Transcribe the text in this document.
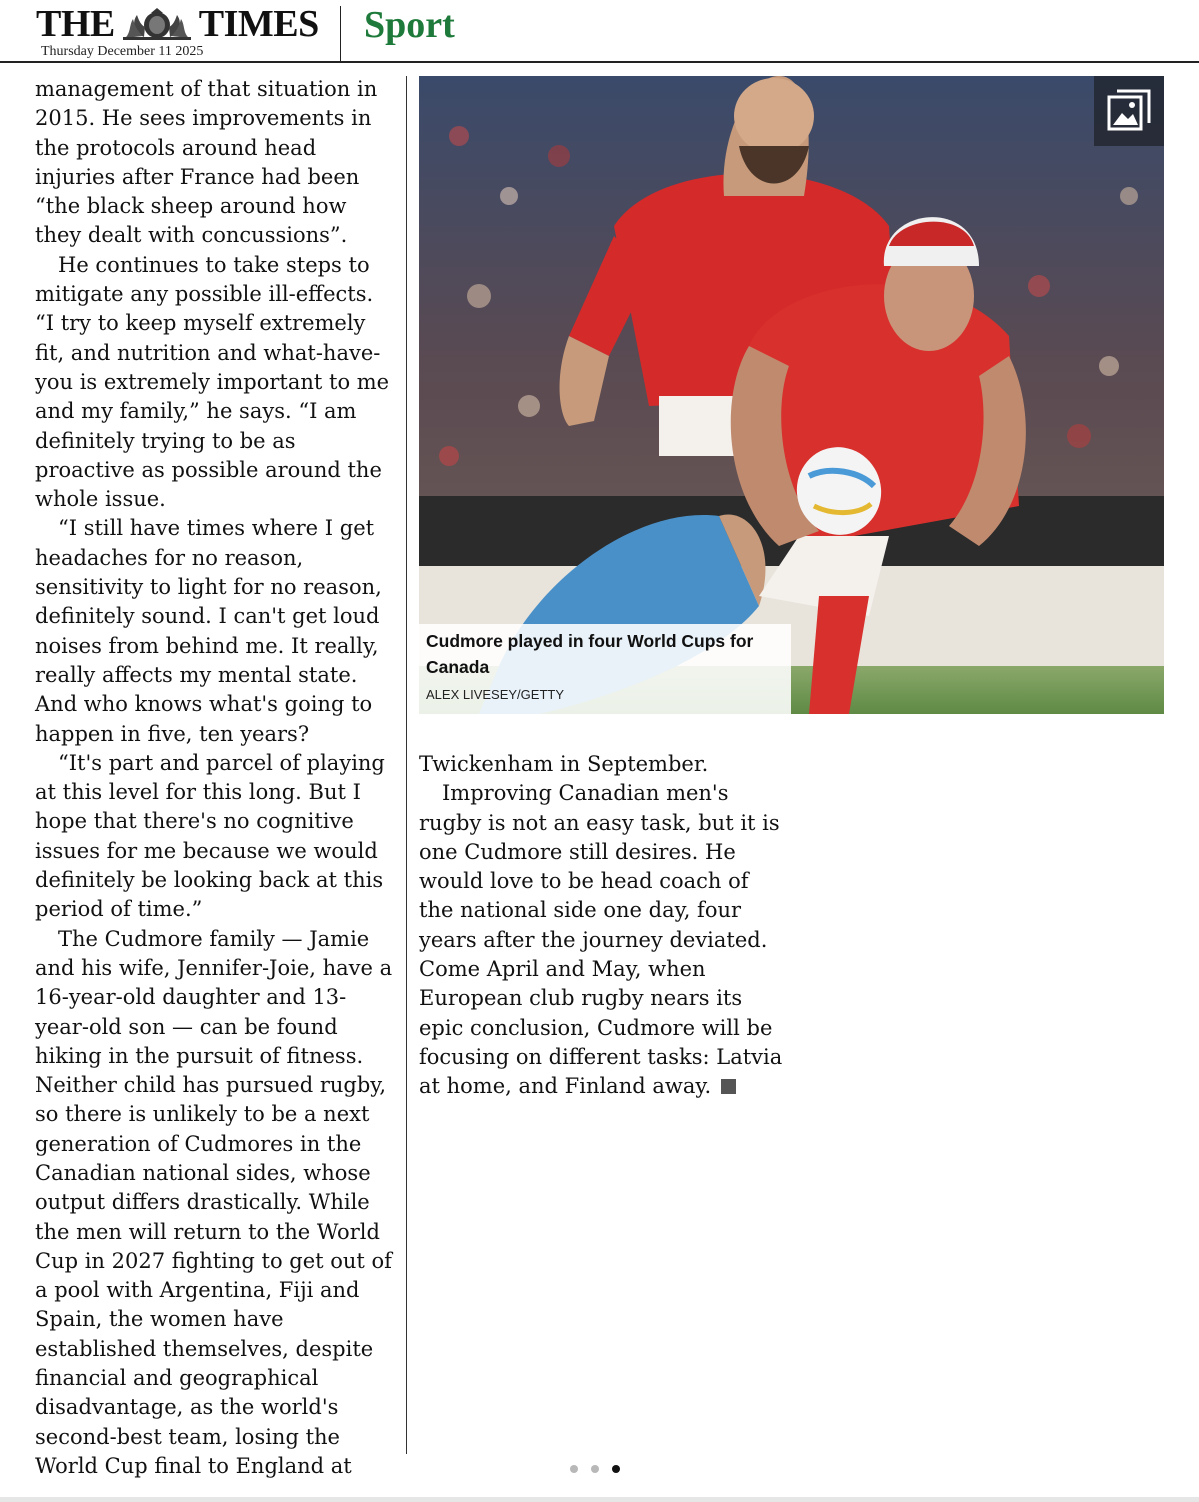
THE TIMES
Thursday December 11 2025
Sport

management of that situation in 2015. He sees improvements in the protocols around head injuries after France had been “the black sheep around how they dealt with concussions”.

He continues to take steps to mitigate any possible ill-effects. “I try to keep myself extremely fit, and nutrition and what-have-you is extremely important to me and my family,” he says. “I am definitely trying to be as proactive as possible around the whole issue.

“I still have times where I get headaches for no reason, sensitivity to light for no reason, definitely sound. I can't get loud noises from behind me. It really, really affects my mental state. And who knows what's going to happen in five, ten years?

“It's part and parcel of playing at this level for this long. But I hope that there's no cognitive issues for me because we would definitely be looking back at this period of time.”

The Cudmore family — Jamie and his wife, Jennifer-Joie, have a 16-year-old daughter and 13-year-old son — can be found hiking in the pursuit of fitness. Neither child has pursued rugby, so there is unlikely to be a next generation of Cudmores in the Canadian national sides, whose output differs drastically. While the men will return to the World Cup in 2027 fighting to get out of a pool with Argentina, Fiji and Spain, the women have established themselves, despite financial and geographical disadvantage, as the world's second-best team, losing the World Cup final to England at

Cudmore played in four World Cups for Canada
ALEX LIVESEY/GETTY

Twickenham in September.

Improving Canadian men's rugby is not an easy task, but it is one Cudmore still desires. He would love to be head coach of the national side one day, four years after the journey deviated. Come April and May, when European club rugby nears its epic conclusion, Cudmore will be focusing on different tasks: Latvia at home, and Finland away.
